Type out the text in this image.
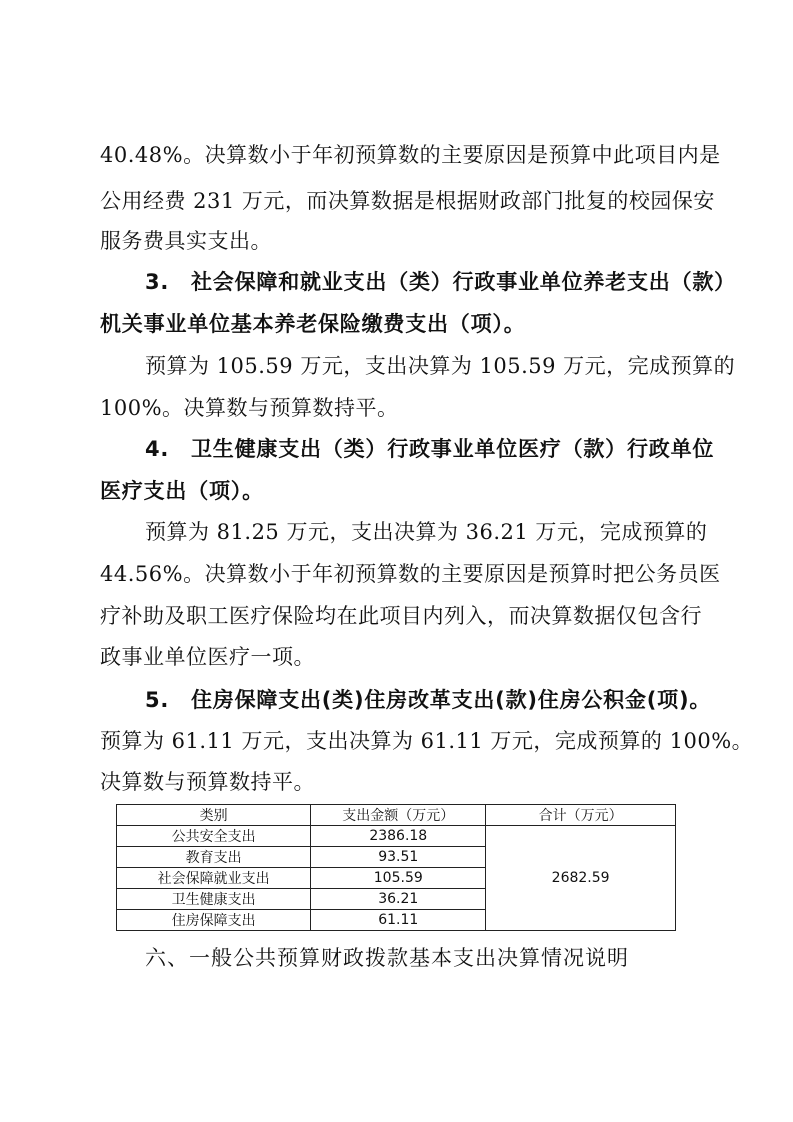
40.48%。决算数小于年初预算数的主要原因是预算中此项目内是
公用经费 231 万元，而决算数据是根据财政部门批复的校园保安
服务费具实支出。
3.　社会保障和就业支出（类）行政事业单位养老支出（款）
机关事业单位基本养老保险缴费支出（项）。
预算为 105.59 万元，支出决算为 105.59 万元，完成预算的
100%。决算数与预算数持平。
4.　卫生健康支出（类）行政事业单位医疗（款）行政单位
医疗支出（项）。
预算为 81.25 万元，支出决算为 36.21 万元，完成预算的
44.56%。决算数小于年初预算数的主要原因是预算时把公务员医
疗补助及职工医疗保险均在此项目内列入，而决算数据仅包含行
政事业单位医疗一项。
5.　住房保障支出(类)住房改革支出(款)住房公积金(项)。
预算为 61.11 万元，支出决算为 61.11 万元，完成预算的 100%。
决算数与预算数持平。
类别	支出金额（万元）	合计（万元）
公共安全支出	2386.18	2682.59
教育支出	93.51	
社会保障就业支出	105.59	
卫生健康支出	36.21	
住房保障支出	61.11	
六、一般公共预算财政拨款基本支出决算情况说明
